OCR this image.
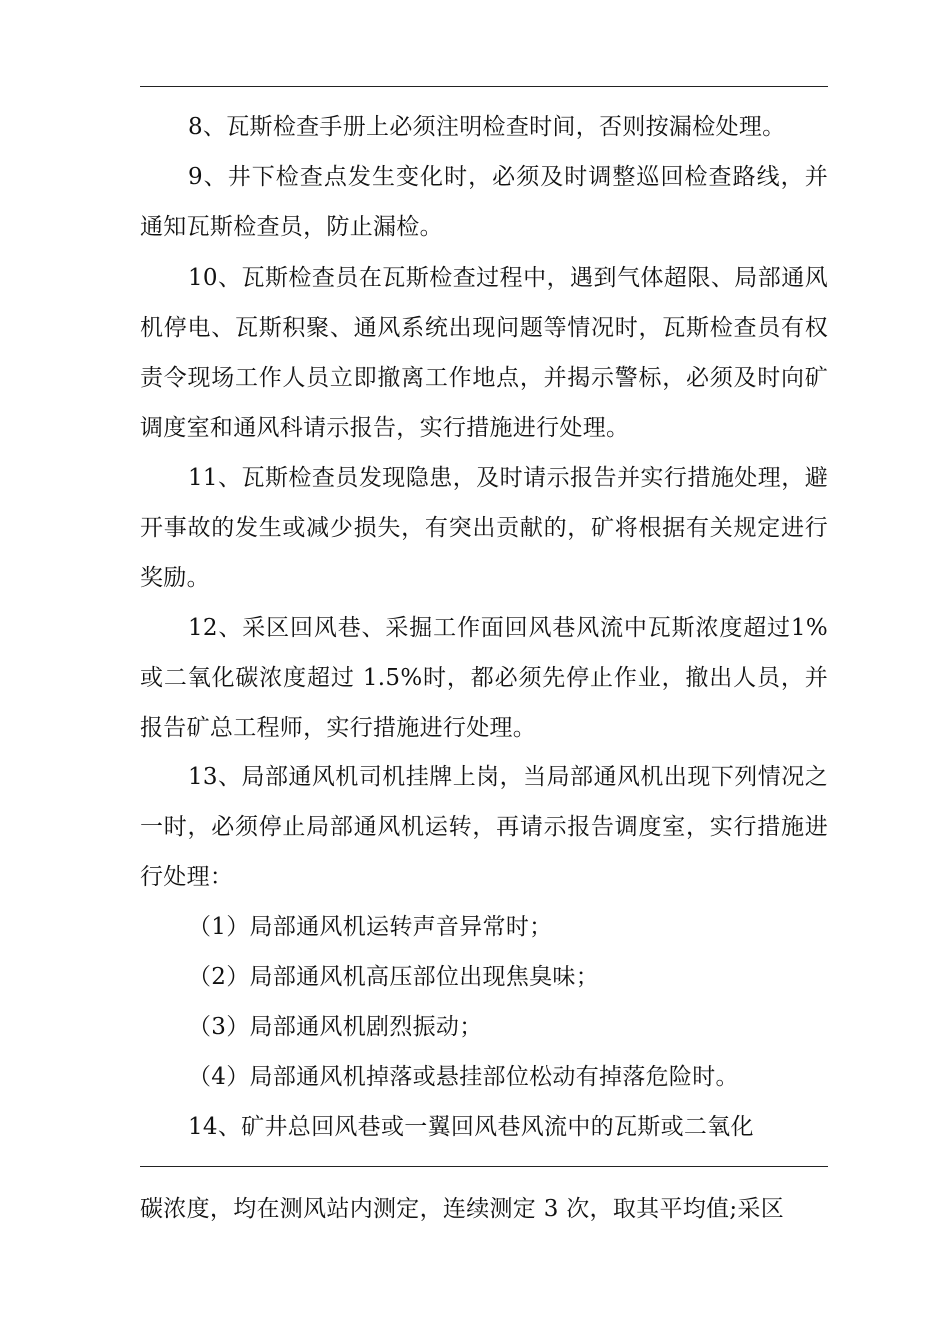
8、瓦斯检查手册上必须注明检查时间，否则按漏检处理。

9、井下检查点发生变化时，必须及时调整巡回检查路线，并通知瓦斯检查员，防止漏检。

10、瓦斯检查员在瓦斯检查过程中，遇到气体超限、局部通风机停电、瓦斯积聚、通风系统出现问题等情况时，瓦斯检查员有权责令现场工作人员立即撤离工作地点，并揭示警标，必须及时向矿调度室和通风科请示报告，实行措施进行处理。

11、瓦斯检查员发现隐患，及时请示报告并实行措施处理，避开事故的发生或减少损失，有突出贡献的，矿将根据有关规定进行奖励。

12、采区回风巷、采掘工作面回风巷风流中瓦斯浓度超过1%或二氧化碳浓度超过 1.5%时，都必须先停止作业，撤出人员，并报告矿总工程师，实行措施进行处理。

13、局部通风机司机挂牌上岗，当局部通风机出现下列情况之一时，必须停止局部通风机运转，再请示报告调度室，实行措施进行处理：

（1）局部通风机运转声音异常时；

（2）局部通风机高压部位出现焦臭味；

（3）局部通风机剧烈振动；

（4）局部通风机掉落或悬挂部位松动有掉落危险时。

14、矿井总回风巷或一翼回风巷风流中的瓦斯或二氧化

碳浓度，均在测风站内测定，连续测定 3 次，取其平均值;采区
